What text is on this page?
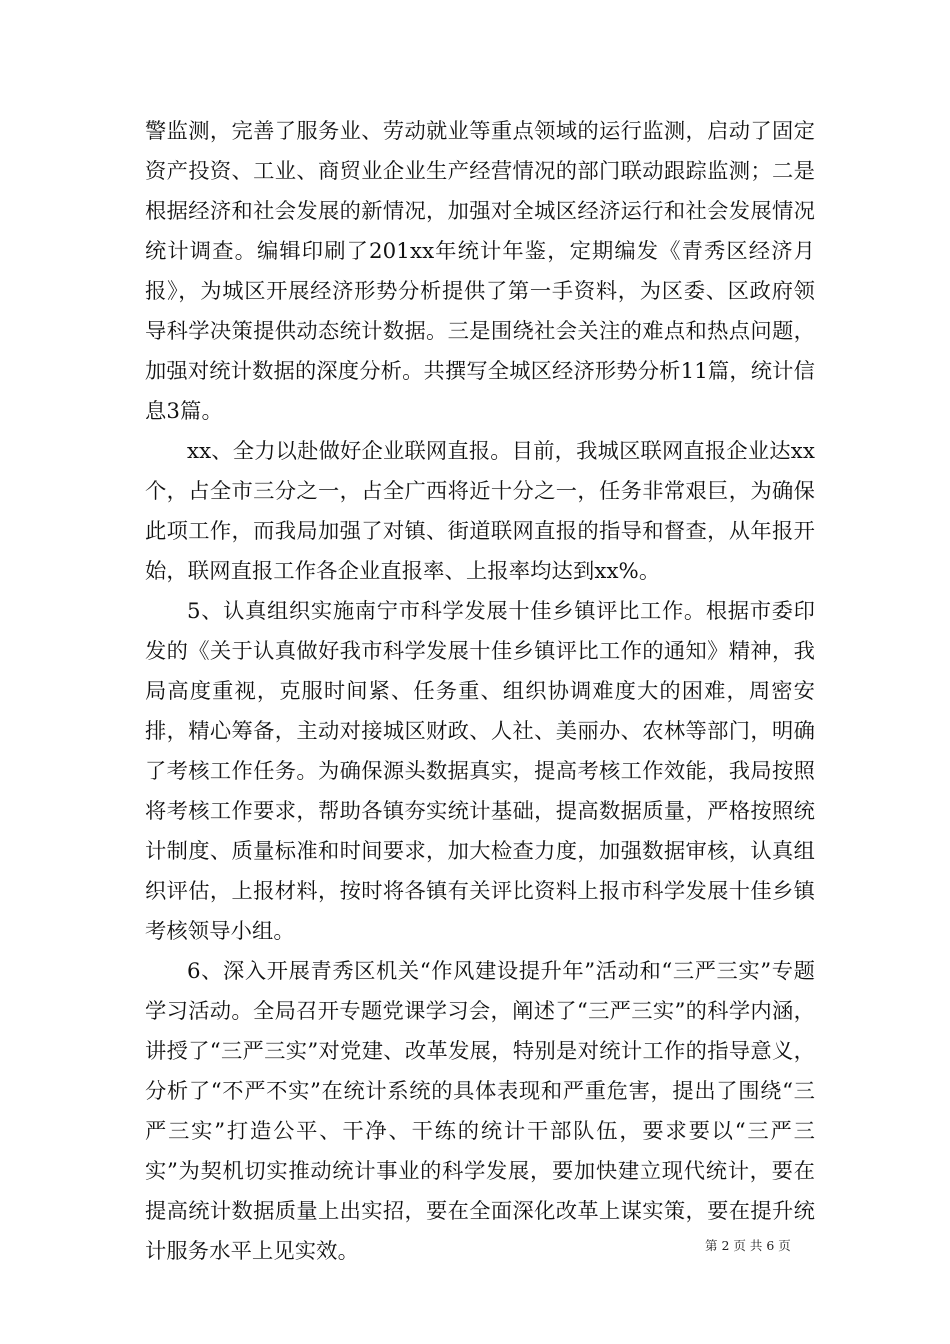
警监测，完善了服务业、劳动就业等重点领域的运行监测，启动了固定资产投资、工业、商贸业企业生产经营情况的部门联动跟踪监测；二是根据经济和社会发展的新情况，加强对全城区经济运行和社会发展情况统计调查。编辑印刷了201xx年统计年鉴，定期编发《青秀区经济月报》，为城区开展经济形势分析提供了第一手资料，为区委、区政府领导科学决策提供动态统计数据。三是围绕社会关注的难点和热点问题，加强对统计数据的深度分析。共撰写全城区经济形势分析11篇，统计信息3篇。

xx、全力以赴做好企业联网直报。目前，我城区联网直报企业达xx个，占全市三分之一，占全广西将近十分之一，任务非常艰巨，为确保此项工作，而我局加强了对镇、街道联网直报的指导和督查，从年报开始，联网直报工作各企业直报率、上报率均达到xx%。

5、认真组织实施南宁市科学发展十佳乡镇评比工作。根据市委印发的《关于认真做好我市科学发展十佳乡镇评比工作的通知》精神，我局高度重视，克服时间紧、任务重、组织协调难度大的困难，周密安排，精心筹备，主动对接城区财政、人社、美丽办、农林等部门，明确了考核工作任务。为确保源头数据真实，提高考核工作效能，我局按照将考核工作要求，帮助各镇夯实统计基础，提高数据质量，严格按照统计制度、质量标准和时间要求，加大检查力度，加强数据审核，认真组织评估，上报材料，按时将各镇有关评比资料上报市科学发展十佳乡镇考核领导小组。

6、深入开展青秀区机关“作风建设提升年”活动和“三严三实”专题学习活动。全局召开专题党课学习会，阐述了“三严三实”的科学内涵，讲授了“三严三实”对党建、改革发展，特别是对统计工作的指导意义，分析了“不严不实”在统计系统的具体表现和严重危害，提出了围绕“三严三实”打造公平、干净、干练的统计干部队伍，要求要以“三严三实”为契机切实推动统计事业的科学发展，要加快建立现代统计，要在提高统计数据质量上出实招，要在全面深化改革上谋实策，要在提升统计服务水平上见实效。	第 2 页 共 6 页
